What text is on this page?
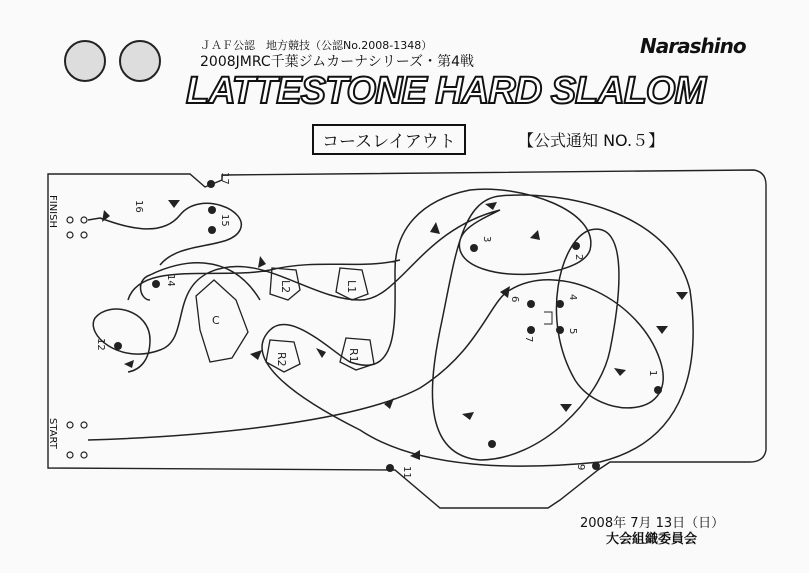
ＪＡＦ公認　地方競技（公認No.2008-1348）
2008JMRC千葉ジムカーナシリーズ・第4戦
Narashino
LATTESTONE HARD SLALOM
コースレイアウト	【公式通知 NO.５】
C
L2	L1
R2	R1
1
2
3
4
5
6
7
9
11
12
14
15
16
17
FINISH
START
2008年 7月 13日（日）
大会組織委員会
